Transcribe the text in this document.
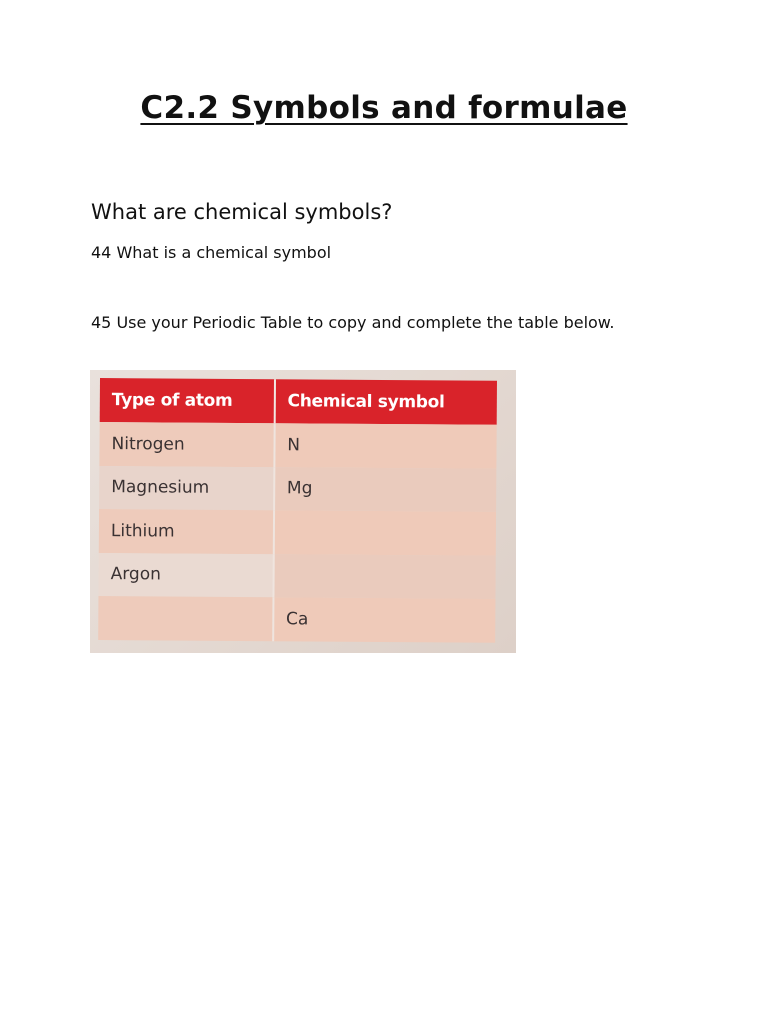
C2.2 Symbols and formulae
What are chemical symbols?

44 What is a chemical symbol

45 Use your Periodic Table to copy and complete the table below.

Type of atom	Chemical symbol
Nitrogen	N
Magnesium	Mg
Lithium	
Argon	
	Ca
